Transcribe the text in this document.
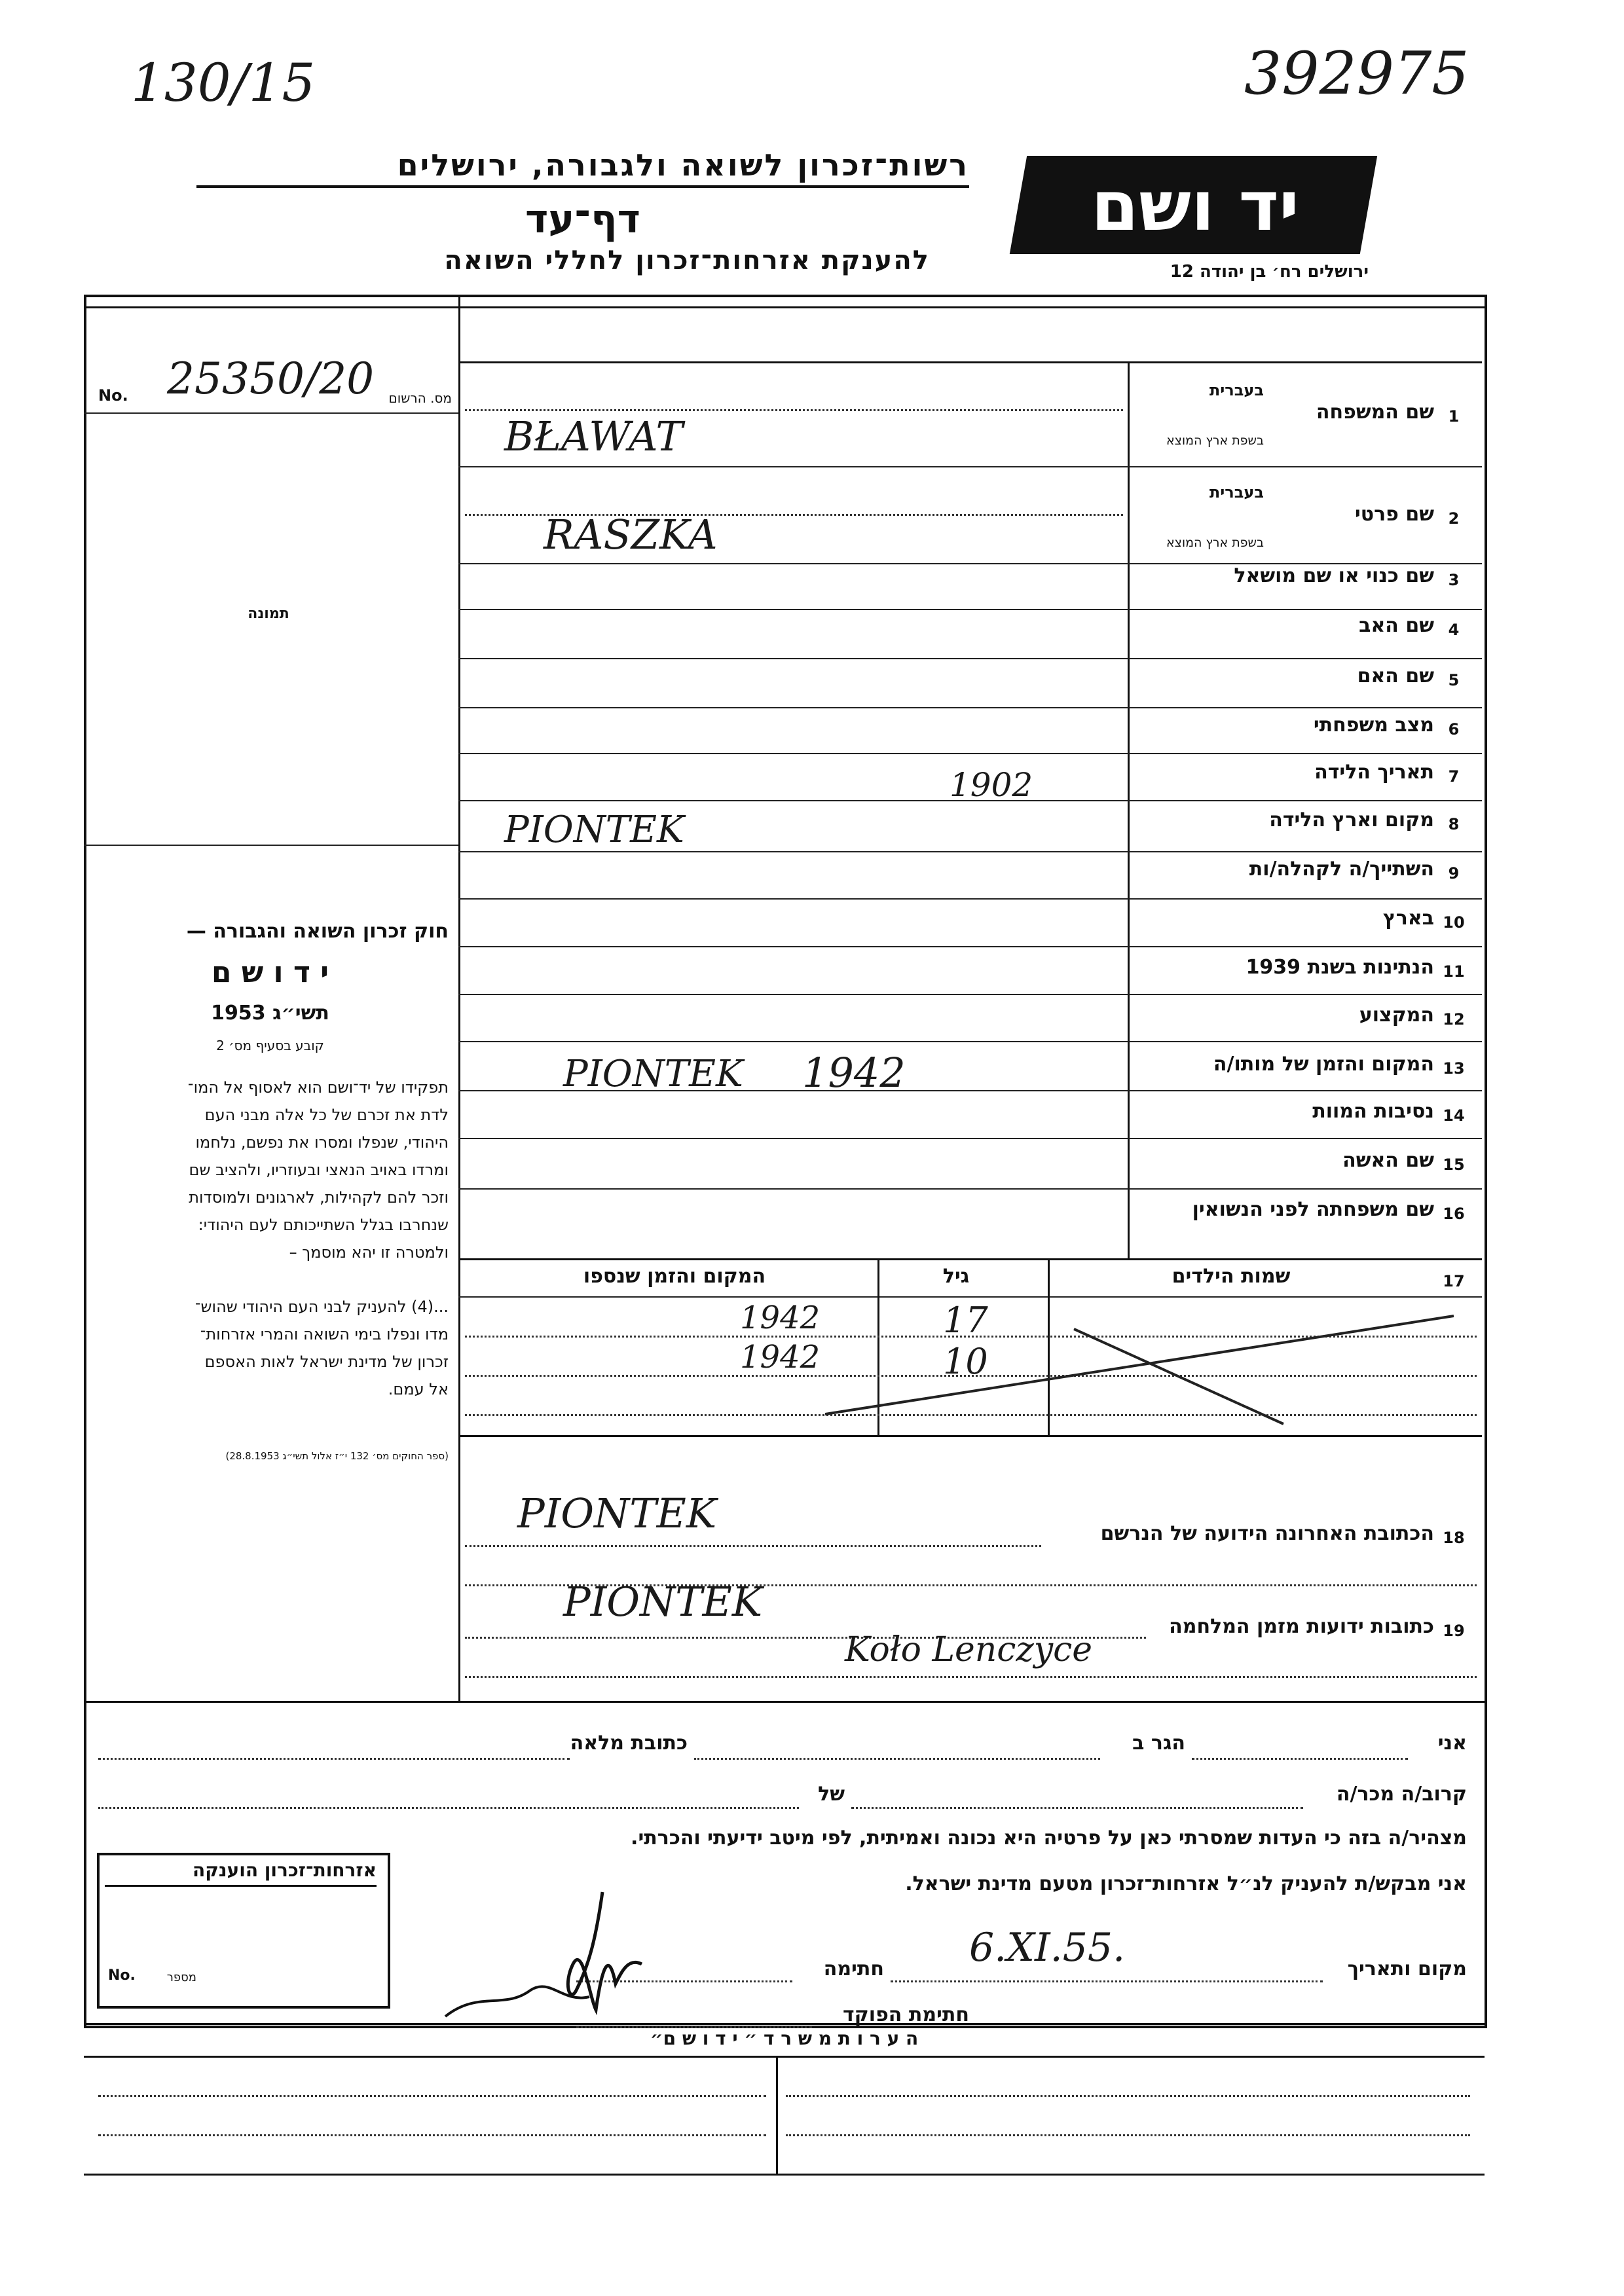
130/15	392975
רשות־זכרון לשואה ולגבורה, ירושלים
דף־עד
להענקת אזרחות־זכרון לחללי השואה
יד ושם
ירושלים רח׳ בן יהודה 12
No. 25350/20	מס. הרשום
תמונה
חוק זכרון השואה והגבורה —
י ד ו ש ם
תשי״ג 1953
קובע בסעיף מס׳ 2
תפקידו של יד־ושם הוא לאסוף אל המו־
לדת את זכרם של כל אלה מבני העם
היהודי, שנפלו ומסרו את נפשם, נלחמו
ומרדו באויב הנאצי ובעוזריו, ולהציב שם
וזכר להם לקהילות, לארגונים ולמוסדות
שנחרבו בגלל השתייכותם לעם היהודי:
ולמטרה זו יהא מוסמך –
...(4) להעניק לבני העם היהודי שהוש־
מדו ונפלו בימי השואה והמרי אזרחות־
זכרון של מדינת ישראל לאות האספם
אל עמם.
(ספר החוקים מס׳ 132 י״ז אלול תשי״ג 28.8.1953)
1
שם המשפחה
בעברית
בשפת ארץ המוצא
BŁAWAT
2
שם פרטי
בעברית
בשפת ארץ המוצא
RASZKA
3
שם כנוי או שם מושאל
4
שם האב
5
שם האם
6
מצב משפחתי
7
תאריך הלידה
1902
8
מקום וארץ הלידה
PIONTEK
9
השתייך/ה לקהלה/ות
10
בארץ
11
הנתינות בשנת 1939
12
המקצוע
13
המקום והזמן של מותו/ה
PIONTEK 1942
14
נסיבות המוות
15
שם האשה
16
שם משפחתה לפני הנשואין
17
שמות הילדים
גיל
המקום והזמן שנספו
1942	17
1942	10
18
הכתובת האחרונה הידועה של הנרשם
PIONTEK
19
כתובות ידועות מזמן המלחמה
PIONTEK
Koło Lenczyce
אני
הגר ב
כתובת מלאה
קרוב/ה מכר/ה
של
מצהיר/ה בזה כי העדות שמסרתי כאן על פרטיה היא נכונה ואמיתית, לפי מיטב ידיעתי והכרתי.
אני מבקש/ת להעניק לנ״ל אזרחות־זכרון מטעם מדינת ישראל.
מקום ותאריך
6.XI.55.
חתימה
חתימת הפוקד
אזרחות־זכרון הוענקה
No.	מספר
ה ע ר ו ת מ ש ר ד ״ י ד ו ש ם״
